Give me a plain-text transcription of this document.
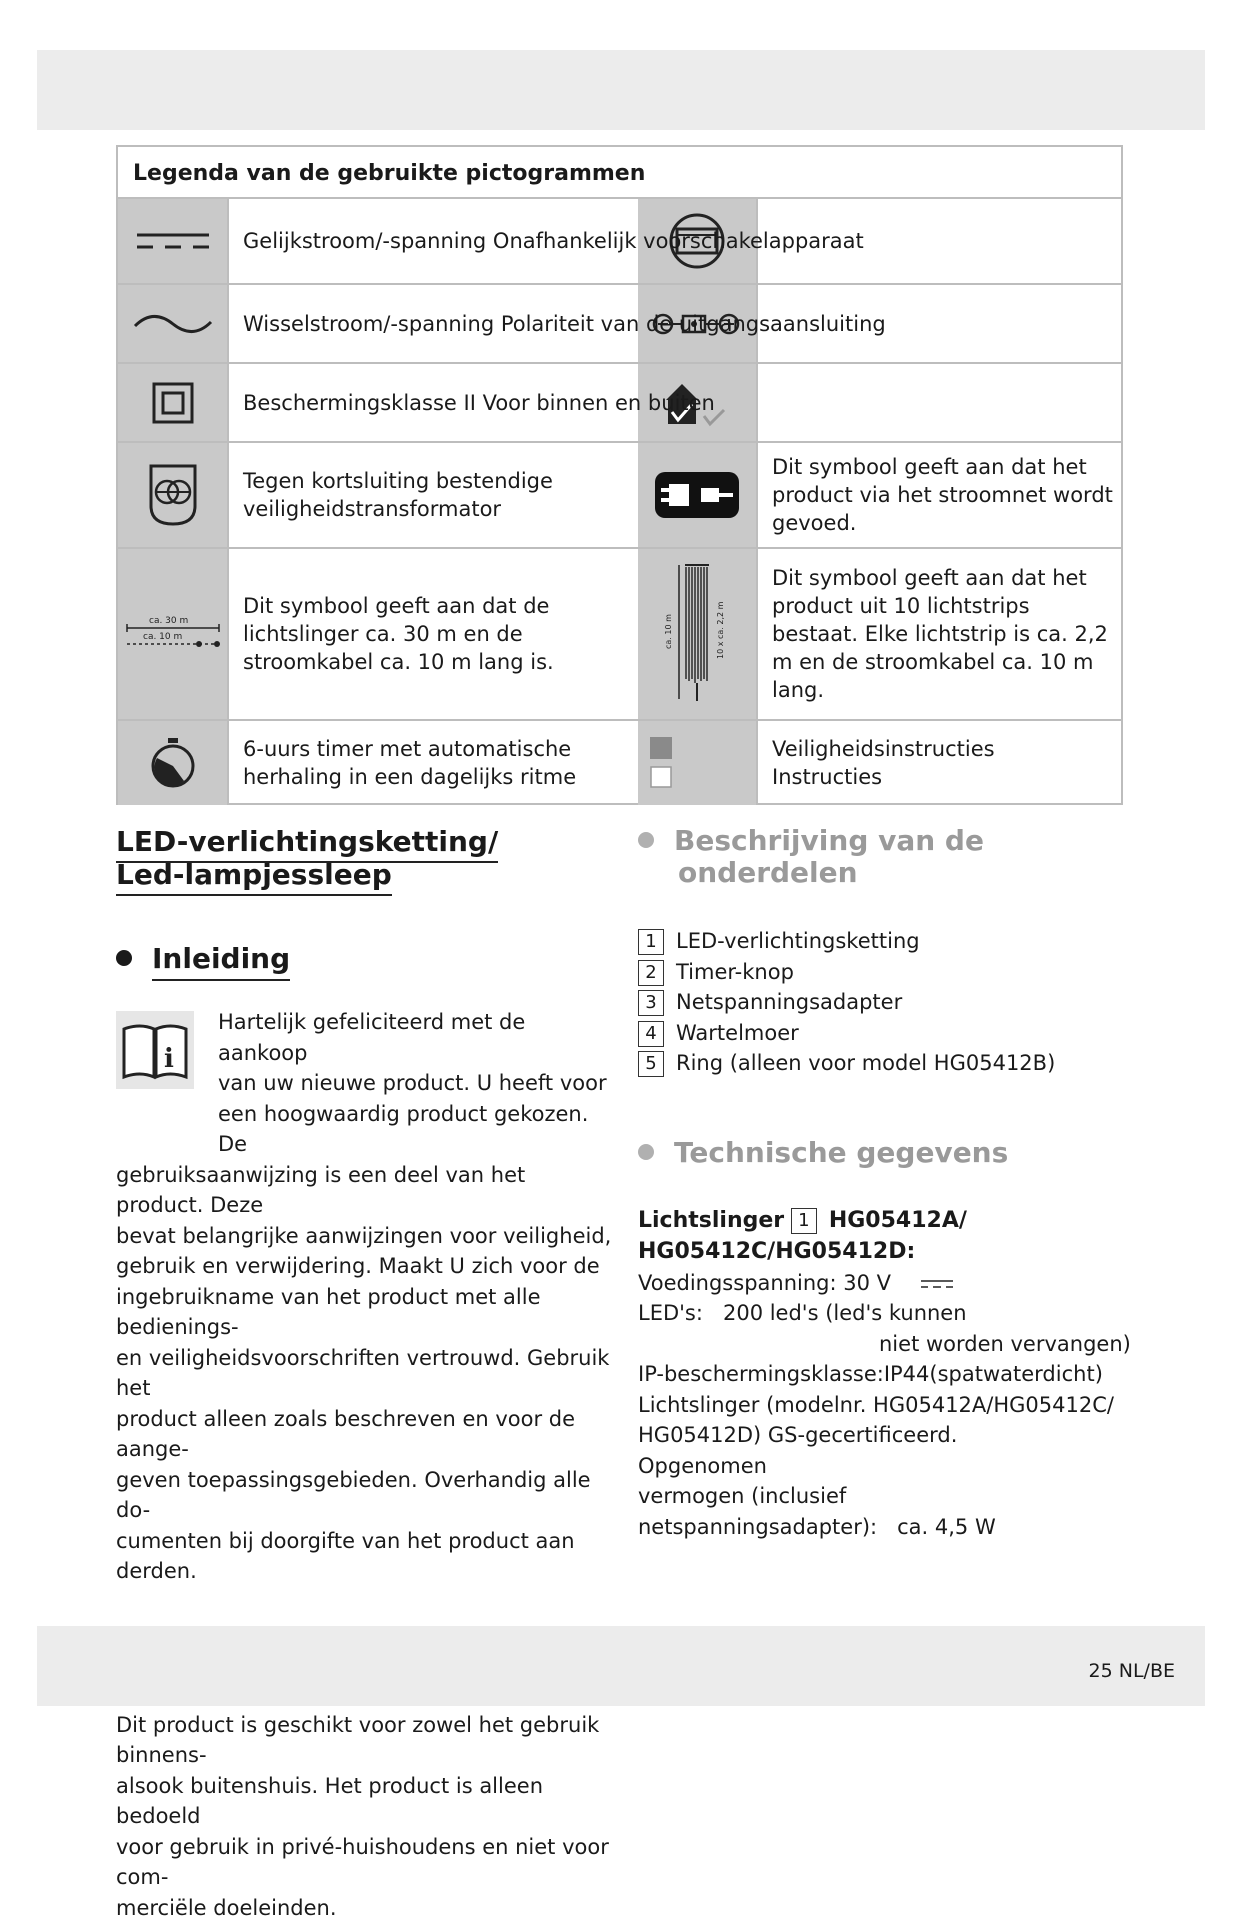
Legenda van de gebruikte pictogrammen
Gelijkstroom/-spanning Onafhankelijk voorschakelapparaat
Wisselstroom/-spanning Polariteit van de uitgangsaansluiting
Beschermingsklasse II Voor binnen en buiten
Tegen kortsluiting bestendige veiligheidstransformator
Dit symbool geeft aan dat het product via het stroomnet wordt gevoed.
ca. 30 m
ca. 10 m
Dit symbool geeft aan dat de lichtslinger ca. 30 m en de stroomkabel ca. 10 m lang is.
ca. 10 m	10 x ca. 2,2 m
Dit symbool geeft aan dat het product uit 10 lichtstrips bestaat. Elke lichtstrip is ca. 2,2 m en de stroomkabel ca. 10 m lang.
6-uurs timer met automatische herhaling in een dagelijks ritme
Veiligheidsinstructies
Instructies
LED-verlichtingsketting/
Led-lampjessleep
Inleiding
i
Hartelijk gefeliciteerd met de aankoop
van uw nieuwe product. U heeft voor
een hoogwaardig product gekozen. De
gebruiksaanwijzing is een deel van het product. Deze
bevat belangrijke aanwijzingen voor veiligheid,
gebruik en verwijdering. Maakt U zich voor de
ingebruikname van het product met alle bedienings-
en veiligheidsvoorschriften vertrouwd. Gebruik het
product alleen zoals beschreven en voor de aange-
geven toepassingsgebieden. Overhandig alle do-
cumenten bij doorgifte van het product aan derden.
Dit product is geschikt voor zowel het gebruik binnens-
alsook buitenshuis. Het product is alleen bedoeld
voor gebruik in privé-huishoudens en niet voor com-
merciële doeleinden.
Beschrijving van de
onderdelen
1 LED-verlichtingsketting
2 Timer-knop
3 Netspanningsadapter
4 Wartelmoer
5 Ring (alleen voor model HG05412B)
Technische gegevens
Lichtslinger 1 HG05412A/
HG05412C/HG05412D:
Voedingsspanning: 30 V
LED's: 200 led's (led's kunnen
niet worden vervangen)
IP-beschermingsklasse:IP44(spatwaterdicht)
Lichtslinger (modelnr. HG05412A/HG05412C/
HG05412D) GS-gecertificeerd.
Opgenomen
vermogen (inclusief
netspanningsadapter): ca. 4,5 W
25 NL/BE
